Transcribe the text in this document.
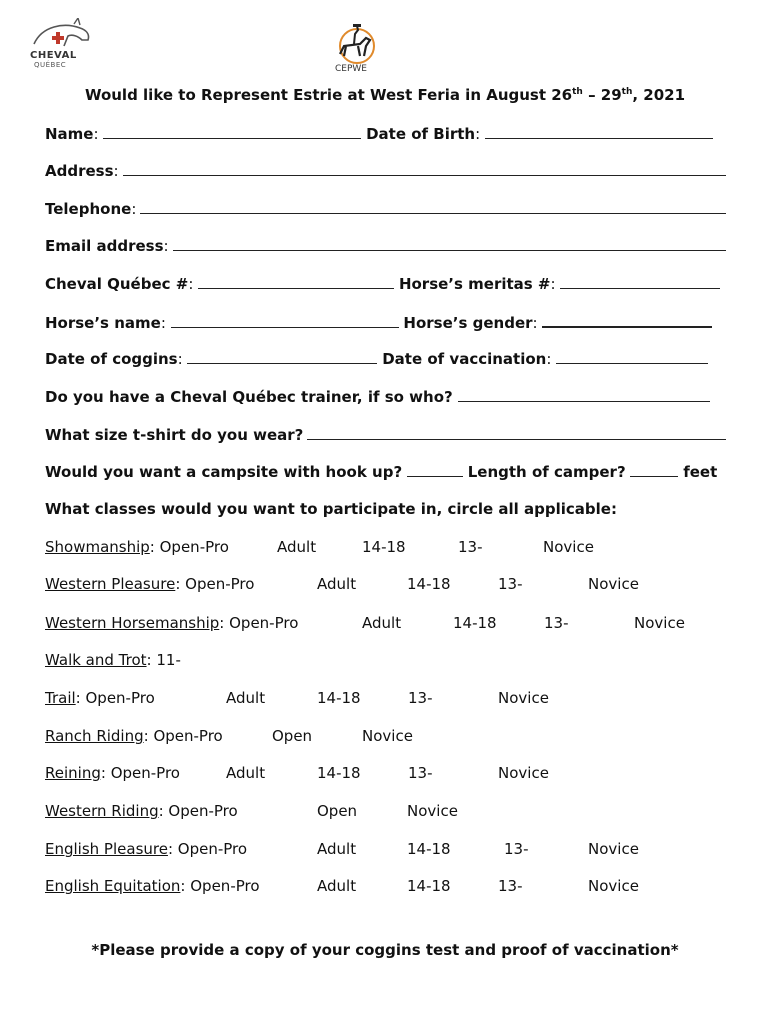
CHEVAL
QUÉBEC	CEPWE
Would like to Represent Estrie at West Feria in August 26th – 29th, 2021
Name:	Date of Birth:
Address :
Telephone :
Email address :
Cheval Québec #:	Horse’s meritas #:
Horse’s name:	Horse’s gender:
Date of coggins:	Date of vaccination:
Do you have a Cheval Québec trainer, if so who?
What size t-shirt do you wear?
Would you want a campsite with hook up?	Length of camper?	feet
What classes would you want to participate in, circle all applicable:
Showmanship: Open-Pro	Adult	14-18	13-	Novice
Western Pleasure: Open-Pro	Adult	14-18	13-	Novice
Western Horsemanship: Open-Pro	Adult	14-18	13-	Novice
Walk and Trot: 11-
Trail: Open-Pro	Adult	14-18	13-	Novice
Ranch Riding: Open-Pro	Open	Novice
Reining: Open-Pro	Adult	14-18	13-	Novice
Western Riding: Open-Pro	Open	Novice
English Pleasure: Open-Pro	Adult	14-18	13-	Novice
English Equitation: Open-Pro	Adult	14-18	13-	Novice
*Please provide a copy of your coggins test and proof of vaccination*
